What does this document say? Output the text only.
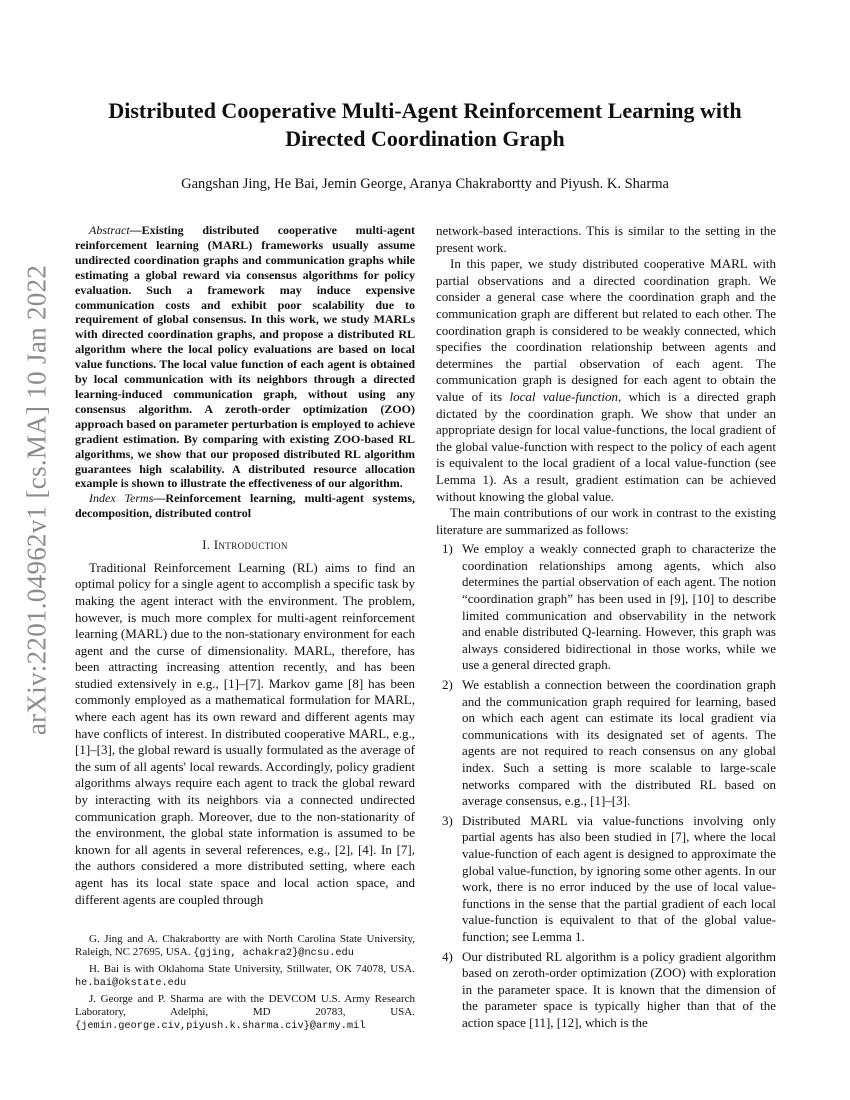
arXiv:2201.04962v1 [cs.MA] 10 Jan 2022
Distributed Cooperative Multi-Agent Reinforcement Learning with
Directed Coordination Graph
Gangshan Jing, He Bai, Jemin George, Aranya Chakrabortty and Piyush. K. Sharma

Abstract—Existing distributed cooperative multi-agent reinforcement learning (MARL) frameworks usually assume undirected coordination graphs and communication graphs while estimating a global reward via consensus algorithms for policy evaluation. Such a framework may induce expensive communication costs and exhibit poor scalability due to requirement of global consensus. In this work, we study MARLs with directed coordination graphs, and propose a distributed RL algorithm where the local policy evaluations are based on local value functions. The local value function of each agent is obtained by local communication with its neighbors through a directed learning-induced communication graph, without using any consensus algorithm. A zeroth-order optimization (ZOO) approach based on parameter perturbation is employed to achieve gradient estimation. By comparing with existing ZOO-based RL algorithms, we show that our proposed distributed RL algorithm guarantees high scalability. A distributed resource allocation example is shown to illustrate the effectiveness of our algorithm.

Index Terms—Reinforcement learning, multi-agent systems, decomposition, distributed control

I. Introduction

Traditional Reinforcement Learning (RL) aims to find an optimal policy for a single agent to accomplish a specific task by making the agent interact with the environment. The problem, however, is much more complex for multi-agent reinforcement learning (MARL) due to the non-stationary environment for each agent and the curse of dimensionality. MARL, therefore, has been attracting increasing attention recently, and has been studied extensively in e.g., [1]–[7]. Markov game [8] has been commonly employed as a mathematical formulation for MARL, where each agent has its own reward and different agents may have conflicts of interest. In distributed cooperative MARL, e.g., [1]–[3], the global reward is usually formulated as the average of the sum of all agents' local rewards. Accordingly, policy gradient algorithms always require each agent to track the global reward by interacting with its neighbors via a connected undirected communication graph. Moreover, due to the non-stationarity of the environment, the global state information is assumed to be known for all agents in several references, e.g., [2], [4]. In [7], the authors considered a more distributed setting, where each agent has its local state space and local action space, and different agents are coupled through

G. Jing and A. Chakrabortty are with North Carolina State University, Raleigh, NC 27695, USA. {gjing, achakra2}@ncsu.edu

H. Bai is with Oklahoma State University, Stillwater, OK 74078, USA. he.bai@okstate.edu

J. George and P. Sharma are with the DEVCOM U.S. Army Research Laboratory, Adelphi, MD 20783, USA. {jemin.george.civ,piyush.k.sharma.civ}@army.mil

network-based interactions. This is similar to the setting in the present work.

In this paper, we study distributed cooperative MARL with partial observations and a directed coordination graph. We consider a general case where the coordination graph and the communication graph are different but related to each other. The coordination graph is considered to be weakly connected, which specifies the coordination relationship between agents and determines the partial observation of each agent. The communication graph is designed for each agent to obtain the value of its local value-function, which is a directed graph dictated by the coordination graph. We show that under an appropriate design for local value-functions, the local gradient of the global value-function with respect to the policy of each agent is equivalent to the local gradient of a local value-function (see Lemma 1). As a result, gradient estimation can be achieved without knowing the global value.

The main contributions of our work in contrast to the existing literature are summarized as follows:

1) We employ a weakly connected graph to characterize the coordination relationships among agents, which also determines the partial observation of each agent. The notion “coordination graph” has been used in [9], [10] to describe limited communication and observability in the network and enable distributed Q-learning. However, this graph was always considered bidirectional in those works, while we use a general directed graph.
2) We establish a connection between the coordination graph and the communication graph required for learning, based on which each agent can estimate its local gradient via communications with its designated set of agents. The agents are not required to reach consensus on any global index. Such a setting is more scalable to large-scale networks compared with the distributed RL based on average consensus, e.g., [1]–[3].
3) Distributed MARL via value-functions involving only partial agents has also been studied in [7], where the local value-function of each agent is designed to approximate the global value-function, by ignoring some other agents. In our work, there is no error induced by the use of local value-functions in the sense that the partial gradient of each local value-function is equivalent to that of the global value-function; see Lemma 1.
4) Our distributed RL algorithm is a policy gradient algorithm based on zeroth-order optimization (ZOO) with exploration in the parameter space. It is known that the dimension of the parameter space is typically higher than that of the action space [11], [12], which is the
